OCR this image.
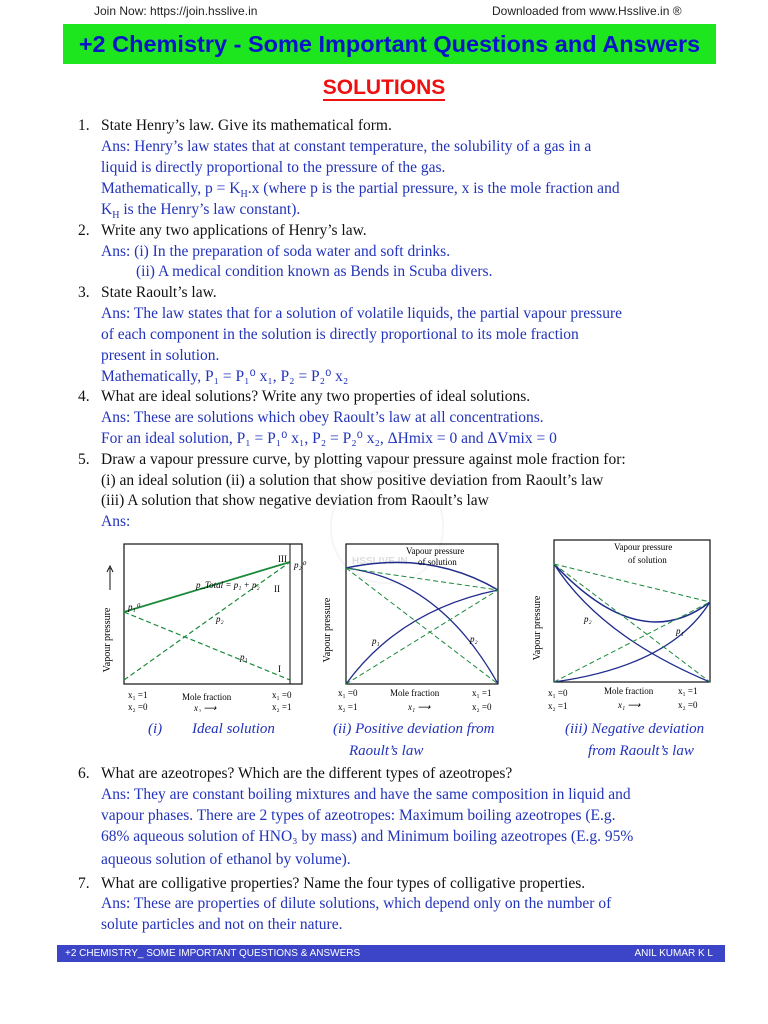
Join Now: https://join.hsslive.in	Downloaded from www.Hsslive.in ®
+2 Chemistry - Some Important Questions and Answers
SOLUTIONS
HSSLIVE.IN
1. State Henry’s law. Give its mathematical form.
Ans: Henry’s law states that at constant temperature, the solubility of a gas in a
liquid is directly proportional to the pressure of the gas.
Mathematically, $p = K_H.x$ (where p is the partial pressure, x is the mole fraction and
$K_H$ is the Henry’s law constant).
2. Write any two applications of Henry’s law.
Ans: (i) In the preparation of soda water and soft drinks.
(ii) A medical condition known as Bends in Scuba divers.
3. State Raoult’s law.
Ans: The law states that for a solution of volatile liquids, the partial vapour pressure
of each component in the solution is directly proportional to its mole fraction
present in solution.
Mathematically, P₁ = P₁⁰ x₁, P₂ = P₂⁰ x₂
4. What are ideal solutions? Write any two properties of ideal solutions.
Ans: These are solutions which obey Raoult’s law at all concentrations.
For an ideal solution, P₁ = P₁⁰ x₁, P₂ = P₂⁰ x₂, ΔHmix = 0 and ΔVmix = 0
5. Draw a vapour pressure curve, by plotting vapour pressure against mole fraction for:
(i) an ideal solution (ii) a solution that show positive deviation from Raoult’s law
(iii) A solution that show negative deviation from Raoult’s law
Ans:
Vapour pressure
p_Total = p₁ + p₂
p₁⁰
p₂⁰
p₂
p₁
III
II
I
x₁ =1
x₂ =0
Mole fraction
x₂ ⟶
x₁ =0
x₂ =1
Vapour pressure
Vapour pressure
of solution
p₁	p₂
x₁ =0
x₂ =1
Mole fraction
x₁ ⟶
x₁ =1
x₂ =0
Vapour pressure
Vapour pressure
of solution
p₂
p₁
x₁ =0
x₂ =1
Mole fraction
x₁ ⟶
x₁ =1
x₂ =0
(i) Ideal solution	(ii) Positive deviation from
Raoult’s law
(iii) Negative deviation
from Raoult’s law
6. What are azeotropes? Which are the different types of azeotropes?
Ans: They are constant boiling mixtures and have the same composition in liquid and
vapour phases. There are 2 types of azeotropes: Maximum boiling azeotropes (E.g.
68% aqueous solution of HNO₃ by mass) and Minimum boiling azeotropes (E.g. 95%
aqueous solution of ethanol by volume).
7. What are colligative properties? Name the four types of colligative properties.
Ans: These are properties of dilute solutions, which depend only on the number of
solute particles and not on their nature.
+2 CHEMISTRY_ SOME IMPORTANT QUESTIONS & ANSWERS	ANIL KUMAR K L
